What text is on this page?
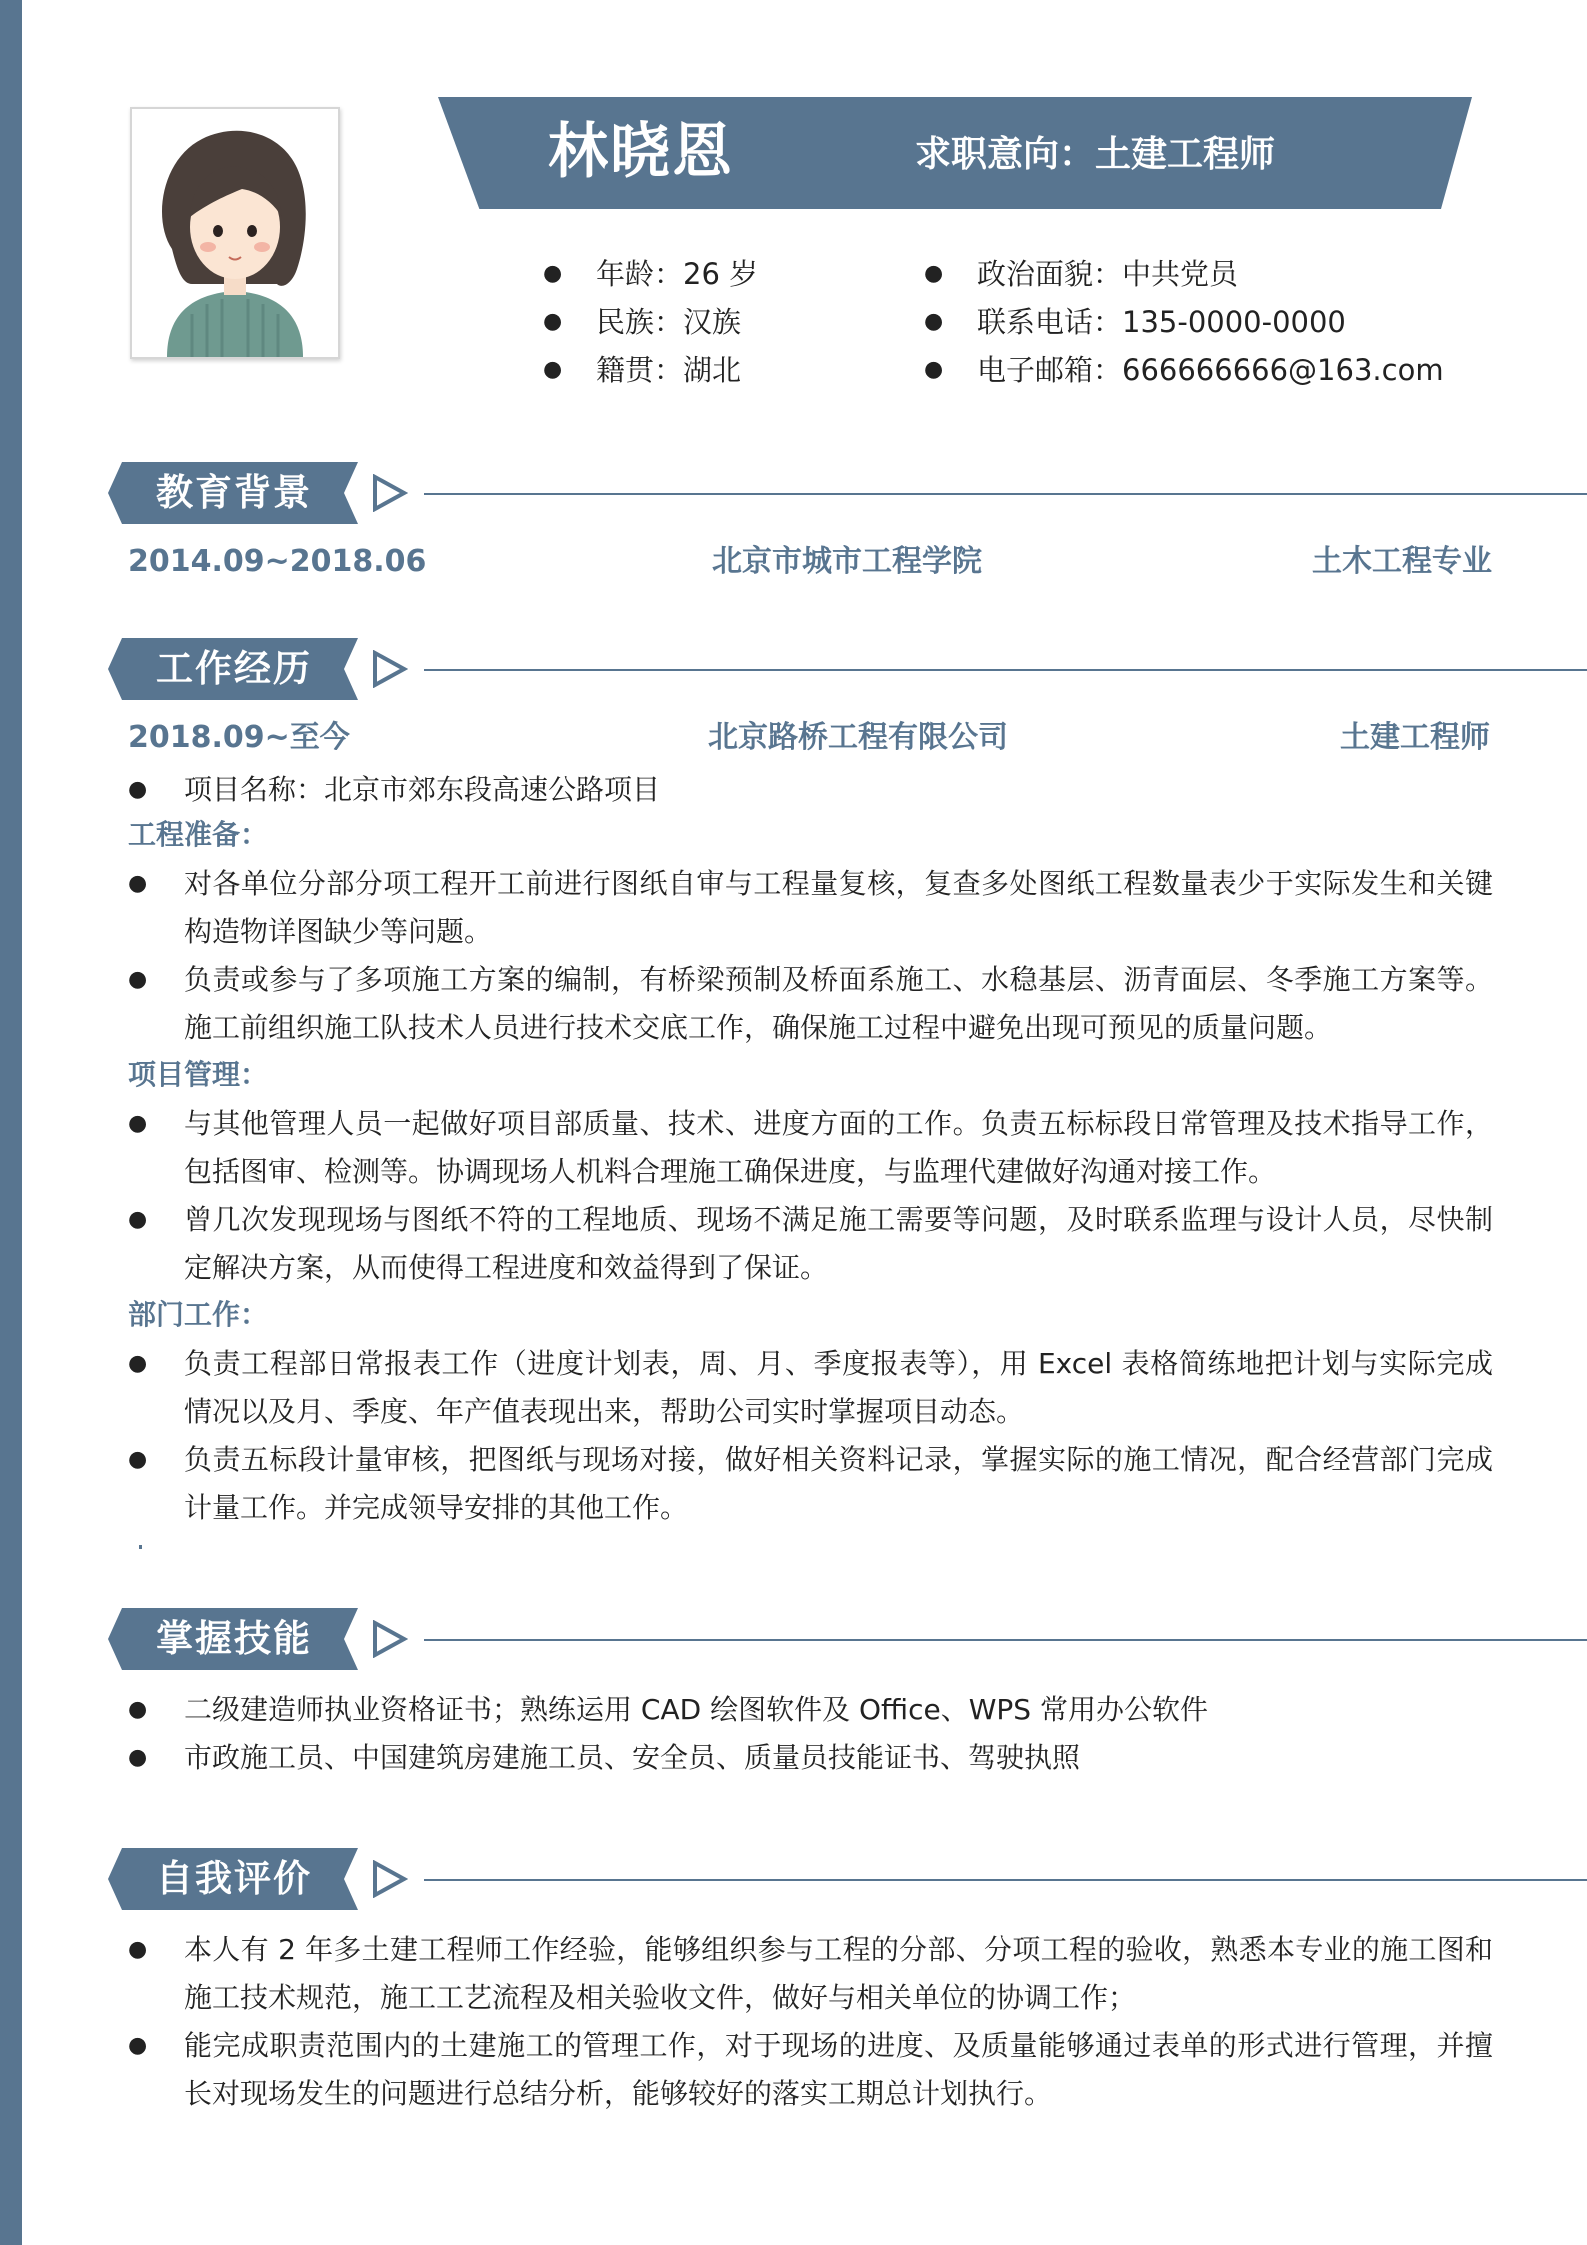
林晓恩	求职意向：土建工程师
● 年龄：26 岁
● 民族：汉族
● 籍贯：湖北
● 政治面貌：中共党员
● 联系电话：135-0000-0000
● 电子邮箱：666666666@163.com
教育背景
2014.09~2018.06	北京市城市工程学院	土木工程专业
工作经历
2018.09~至今	北京路桥工程有限公司	土建工程师
●	项目名称：北京市郊东段高速公路项目
工程准备：
●	对各单位分部分项工程开工前进行图纸自审与工程量复核，复查多处图纸工程数量表少于实际发生和关键构造物详图缺少等问题。
●	负责或参与了多项施工方案的编制，有桥梁预制及桥面系施工、水稳基层、沥青面层、冬季施工方案等。施工前组织施工队技术人员进行技术交底工作，确保施工过程中避免出现可预见的质量问题。
项目管理：
●	与其他管理人员一起做好项目部质量、技术、进度方面的工作。负责五标标段日常管理及技术指导工作，包括图审、检测等。协调现场人机料合理施工确保进度，与监理代建做好沟通对接工作。
●	曾几次发现现场与图纸不符的工程地质、现场不满足施工需要等问题，及时联系监理与设计人员，尽快制定解决方案，从而使得工程进度和效益得到了保证。
部门工作：
●	负责工程部日常报表工作（进度计划表，周、月、季度报表等），用 Excel 表格简练地把计划与实际完成情况以及月、季度、年产值表现出来，帮助公司实时掌握项目动态。
●	负责五标段计量审核，把图纸与现场对接，做好相关资料记录，掌握实际的施工情况，配合经营部门完成计量工作。并完成领导安排的其他工作。
掌握技能
●	二级建造师执业资格证书；熟练运用 CAD 绘图软件及 Office、WPS 常用办公软件
●	市政施工员、中国建筑房建施工员、安全员、质量员技能证书、驾驶执照
自我评价
●	本人有 2 年多土建工程师工作经验，能够组织参与工程的分部、分项工程的验收，熟悉本专业的施工图和施工技术规范，施工工艺流程及相关验收文件，做好与相关单位的协调工作；
●	能完成职责范围内的土建施工的管理工作，对于现场的进度、及质量能够通过表单的形式进行管理，并擅长对现场发生的问题进行总结分析，能够较好的落实工期总计划执行。
